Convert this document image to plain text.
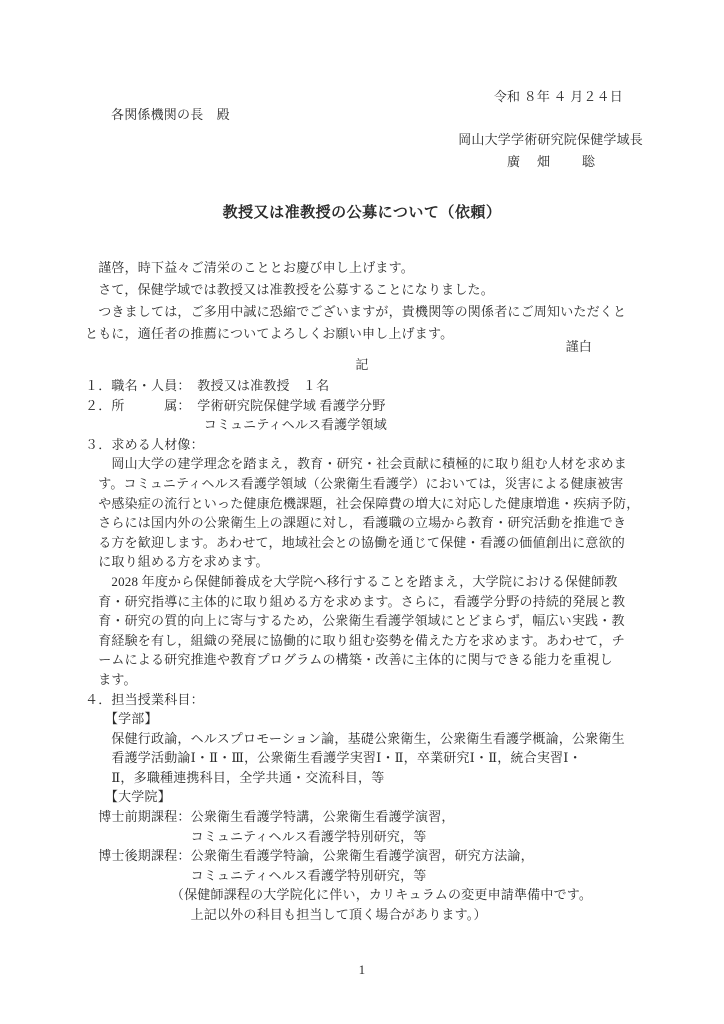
令和 ８年 ４ 月２４日
各関係機関の長　殿
岡山大学学術研究院保健学域長
廣　畑　　聡
教授又は准教授の公募について（依頼）
　謹啓，時下益々ご清栄のこととお慶び申し上げます。
　さて，保健学域では教授又は准教授を公募することになりました。
　つきましては，ご多用中誠に恐縮でございますが，貴機関等の関係者にご周知いただくと
ともに，適任者の推薦についてよろしくお願い申し上げます。
謹白
記
１．職名・人員：　教授又は准教授　１名
２．所　　　属：　学術研究院保健学域 看護学分野
　　　　　　　　　コミュニティヘルス看護学領域
３．求める人材像：
　　岡山大学の建学理念を踏まえ，教育・研究・社会貢献に積極的に取り組む人材を求めま
　す。コミュニティヘルス看護学領域（公衆衛生看護学）においては，災害による健康被害
　や感染症の流行といった健康危機課題，社会保障費の増大に対応した健康増進・疾病予防，
　さらには国内外の公衆衛生上の課題に対し，看護職の立場から教育・研究活動を推進でき
　る方を歓迎します。あわせて，地域社会との協働を通じて保健・看護の価値創出に意欲的
　に取り組める方を求めます。
　　2028 年度から保健師養成を大学院へ移行することを踏まえ，大学院における保健師教
　育・研究指導に主体的に取り組める方を求めます。さらに，看護学分野の持続的発展と教
　育・研究の質的向上に寄与するため，公衆衛生看護学領域にとどまらず，幅広い実践・教
　育経験を有し，組織の発展に協働的に取り組む姿勢を備えた方を求めます。あわせて，チ
　ームによる研究推進や教育プログラムの構築・改善に主体的に関与できる能力を重視し
　ます。
４．担当授業科目：
　　【学部】
　　保健行政論，ヘルスプロモーション論，基礎公衆衛生，公衆衛生看護学概論，公衆衛生
　　看護学活動論Ⅰ・Ⅱ・Ⅲ，公衆衛生看護学実習Ⅰ・Ⅱ，卒業研究Ⅰ・Ⅱ，統合実習Ⅰ・
　　Ⅱ，多職種連携科目，全学共通・交流科目，等
　　【大学院】
　博士前期課程：公衆衛生看護学特講，公衆衛生看護学演習，
　　　　　　　　コミュニティヘルス看護学特別研究，等
　博士後期課程：公衆衛生看護学特論，公衆衛生看護学演習，研究方法論，
　　　　　　　　コミュニティヘルス看護学特別研究，等
　　　　　　　（保健師課程の大学院化に伴い，カリキュラムの変更申請準備中です。
　　　　　　　　上記以外の科目も担当して頂く場合があります。）
1
